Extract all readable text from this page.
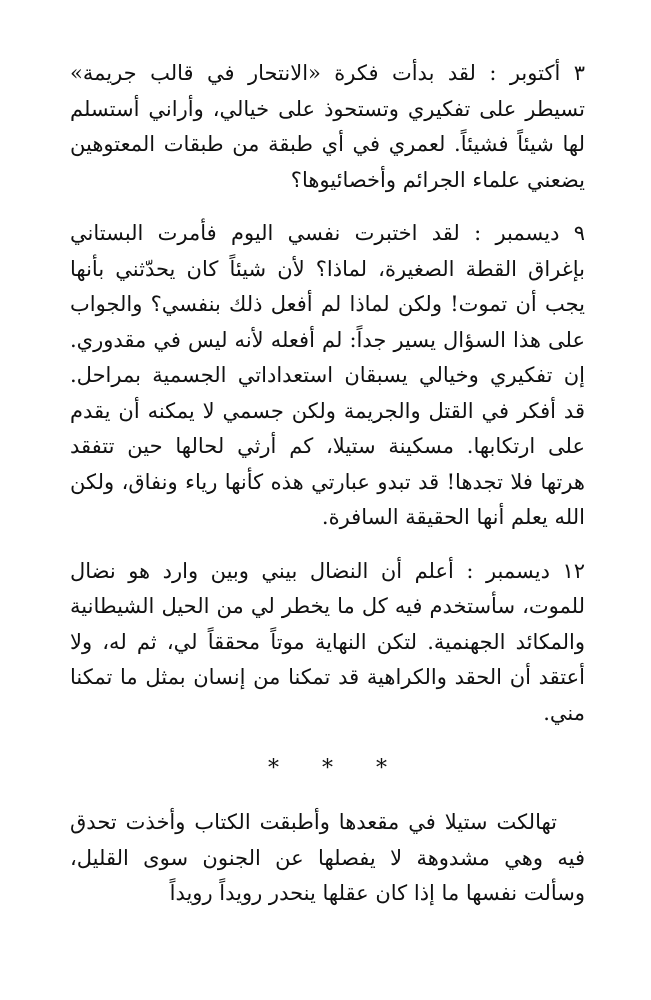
٣ أكتوبر : لقد بدأت فكرة «الانتحار في قالب جريمة» تسيطر على تفكيري وتستحوذ على خيالي، وأراني أستسلم لها شيئاً فشيئاً. لعمري في أي طبقة من طبقات المعتوهين يضعني علماء الجرائم وأخصائيوها؟

٩ ديسمبر : لقد اختبرت نفسي اليوم فأمرت البستاني بإغراق القطة الصغيرة، لماذا؟ لأن شيئاً كان يحدّثني بأنها يجب أن تموت! ولكن لماذا لم أفعل ذلك بنفسي؟ والجواب على هذا السؤال يسير جداً: لم أفعله لأنه ليس في مقدوري. إن تفكيري وخيالي يسبقان استعداداتي الجسمية بمراحل. قد أفكر في القتل والجريمة ولكن جسمي لا يمكنه أن يقدم على ارتكابها. مسكينة ستيلا، كم أرثي لحالها حين تتفقد هرتها فلا تجدها! قد تبدو عبارتي هذه كأنها رياء ونفاق، ولكن الله يعلم أنها الحقيقة السافرة.

١٢ ديسمبر : أعلم أن النضال بيني وبين وارد هو نضال للموت، سأستخدم فيه كل ما يخطر لي من الحيل الشيطانية والمكائد الجهنمية. لتكن النهاية موتاً محققاً لي، ثم له، ولا أعتقد أن الحقد والكراهية قد تمكنا من إنسان بمثل ما تمكنا مني.

* * *

تهالكت ستيلا في مقعدها وأطبقت الكتاب وأخذت تحدق فيه وهي مشدوهة لا يفصلها عن الجنون سوى القليل، وسألت نفسها ما إذا كان عقلها ينحدر رويداً رويداً
